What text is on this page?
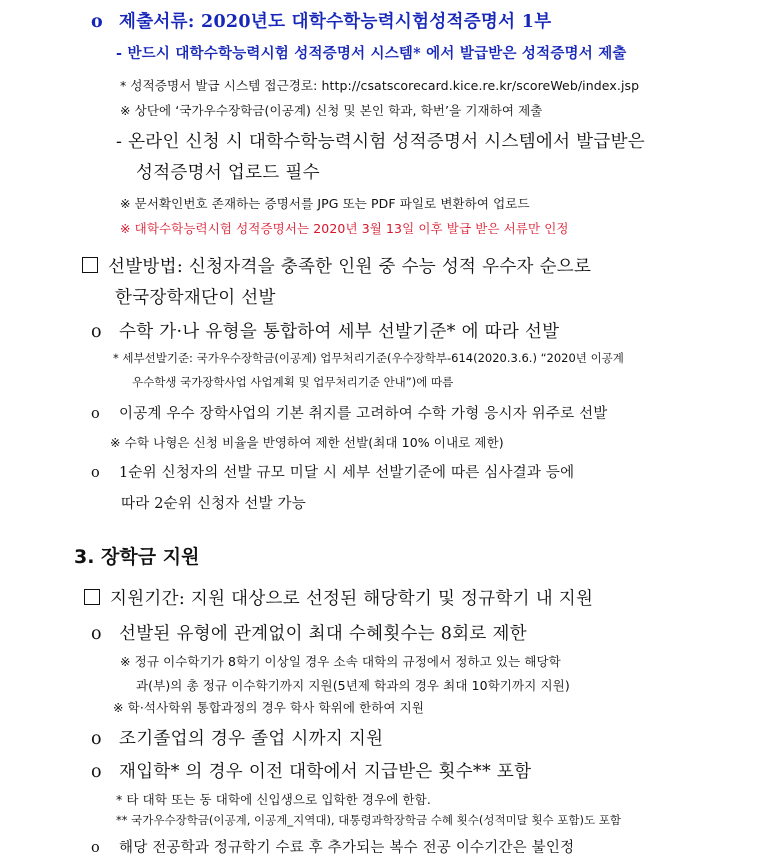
o 제출서류: 2020년도 대학수학능력시험성적증명서 1부
- 반드시 대학수학능력시험 성적증명서 시스템* 에서 발급받은 성적증명서 제출
* 성적증명서 발급 시스템 접근경로: http://csatscorecard.kice.re.kr/scoreWeb/index.jsp
※ 상단에 ‘국가우수장학금(이공계) 신청 및 본인 학과, 학번’을 기재하여 제출
- 온라인 신청 시 대학수학능력시험 성적증명서 시스템에서 발급받은
성적증명서 업로드 필수
※ 문서확인번호 존재하는 증명서를 JPG 또는 PDF 파일로 변환하여 업로드
※ 대학수학능력시험 성적증명서는 2020년 3월 13일 이후 발급 받은 서류만 인정
선발방법: 신청자격을 충족한 인원 중 수능 성적 우수자 순으로
한국장학재단이 선발
o 수학 가·나 유형을 통합하여 세부 선발기준* 에 따라 선발
* 세부선발기준: 국가우수장학금(이공계) 업무처리기준(우수장학부-614(2020.3.6.) “2020년 이공계
우수학생 국가장학사업 사업계획 및 업무처리기준 안내”)에 따름
o 이공계 우수 장학사업의 기본 취지를 고려하여 수학 가형 응시자 위주로 선발
※ 수학 나형은 신청 비율을 반영하여 제한 선발(최대 10% 이내로 제한)
o 1순위 신청자의 선발 규모 미달 시 세부 선발기준에 따른 심사결과 등에
따라 2순위 신청자 선발 가능
3. 장학금 지원
지원기간: 지원 대상으로 선정된 해당학기 및 정규학기 내 지원
o 선발된 유형에 관계없이 최대 수혜횟수는 8회로 제한
※ 정규 이수학기가 8학기 이상일 경우 소속 대학의 규정에서 정하고 있는 해당학
과(부)의 총 정규 이수학기까지 지원(5년제 학과의 경우 최대 10학기까지 지원)
※ 학·석사학위 통합과정의 경우 학사 학위에 한하여 지원
o 조기졸업의 경우 졸업 시까지 지원
o 재입학* 의 경우 이전 대학에서 지급받은 횟수** 포함
* 타 대학 또는 동 대학에 신입생으로 입학한 경우에 한함.
** 국가우수장학금(이공계, 이공계_지역대), 대통령과학장학금 수혜 횟수(성적미달 횟수 포함)도 포함
o 해당 전공학과 정규학기 수료 후 추가되는 복수 전공 이수기간은 불인정
